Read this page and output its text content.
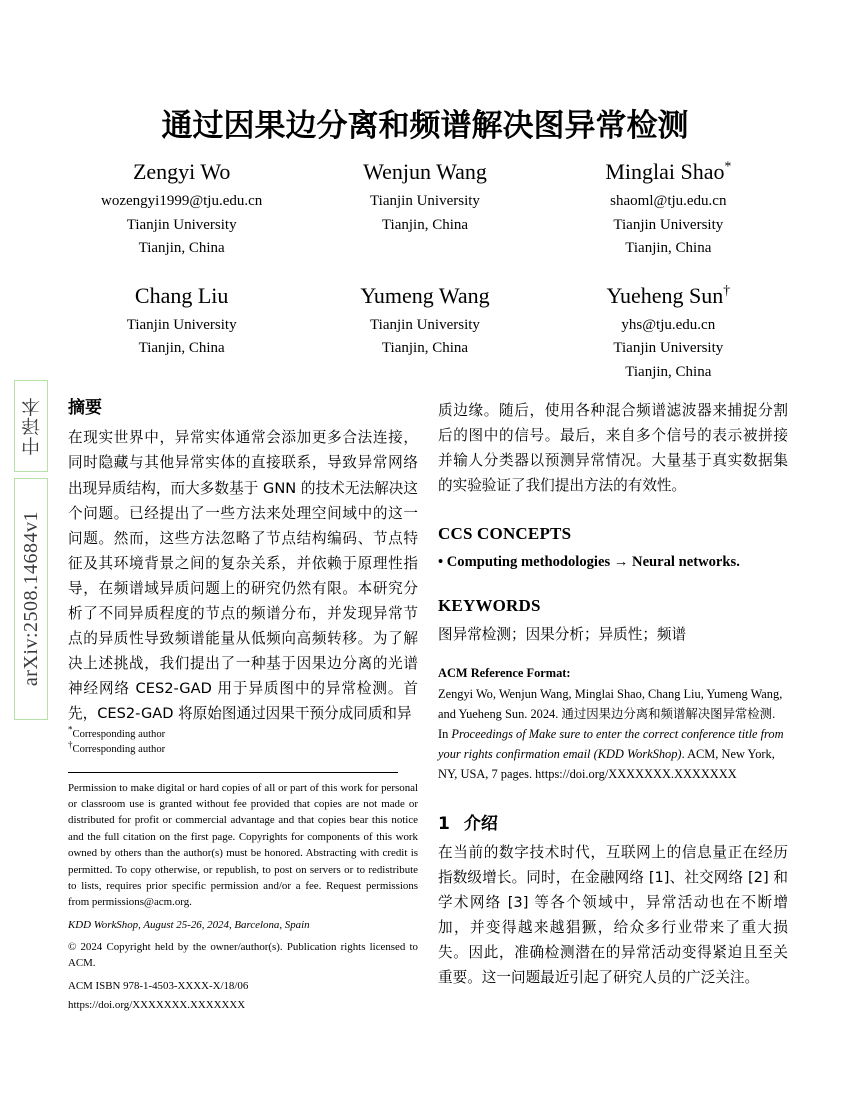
中译本
arXiv:2508.14684v1
通过因果边分离和频谱解决图异常检测
Zengyi Wo
wozengyi1999@tju.edu.cn
Tianjin University
Tianjin, China
Wenjun Wang
Tianjin University
Tianjin, China
Minglai Shao*
shaoml@tju.edu.cn
Tianjin University
Tianjin, China
Chang Liu
Tianjin University
Tianjin, China
Yumeng Wang
Tianjin University
Tianjin, China
Yueheng Sun†
yhs@tju.edu.cn
Tianjin University
Tianjin, China
摘要

在现实世界中，异常实体通常会添加更多合法连接，同时隐藏与其他异常实体的直接联系，导致异常网络出现异质结构，而大多数基于 GNN 的技术无法解决这个问题。已经提出了一些方法来处理空间域中的这一问题。然而，这些方法忽略了节点结构编码、节点特征及其环境背景之间的复杂关系，并依赖于原理性指导，在频谱域异质问题上的研究仍然有限。本研究分析了不同异质程度的节点的频谱分布，并发现异常节点的异质性导致频谱能量从低频向高频转移。为了解决上述挑战，我们提出了一种基于因果边分离的光谱神经网络 CES2-GAD 用于异质图中的异常检测。首先，CES2-GAD 将原始图通过因果干预分成同质和异

质边缘。随后，使用各种混合频谱滤波器来捕捉分割后的图中的信号。最后，来自多个信号的表示被拼接并输人分类器以预测异常情况。大量基于真实数据集的实验验证了我们提出方法的有效性。

CCS CONCEPTS

• Computing methodologies → Neural networks.

KEYWORDS

图异常检测；因果分析；异质性；频谱

ACM Reference Format:

Zengyi Wo, Wenjun Wang, Minglai Shao, Chang Liu, Yumeng Wang, and Yueheng Sun. 2024. 通过因果边分离和频谱解决图异常检测. In Proceedings of Make sure to enter the correct conference title from your rights confirmation email (KDD WorkShop). ACM, New York, NY, USA, 7 pages. https://doi.org/XXXXXXX.XXXXXXX

1 介绍

在当前的数字技术时代，互联网上的信息量正在经历指数级增长。同时，在金融网络 [1]、社交网络 [2] 和学术网络 [3] 等各个领域中，异常活动也在不断增加，并变得越来越猖獗，给众多行业带来了重大损失。因此，准确检测潜在的异常活动变得紧迫且至关重要。这一问题最近引起了研究人员的广泛关注。

*Corresponding author

†Corresponding author

Permission to make digital or hard copies of all or part of this work for personal or classroom use is granted without fee provided that copies are not made or distributed for profit or commercial advantage and that copies bear this notice and the full citation on the first page. Copyrights for components of this work owned by others than the author(s) must be honored. Abstracting with credit is permitted. To copy otherwise, or republish, to post on servers or to redistribute to lists, requires prior specific permission and/or a fee. Request permissions from permissions@acm.org.

KDD WorkShop, August 25-26, 2024, Barcelona, Spain

© 2024 Copyright held by the owner/author(s). Publication rights licensed to ACM.

ACM ISBN 978-1-4503-XXXX-X/18/06

https://doi.org/XXXXXXX.XXXXXXX
